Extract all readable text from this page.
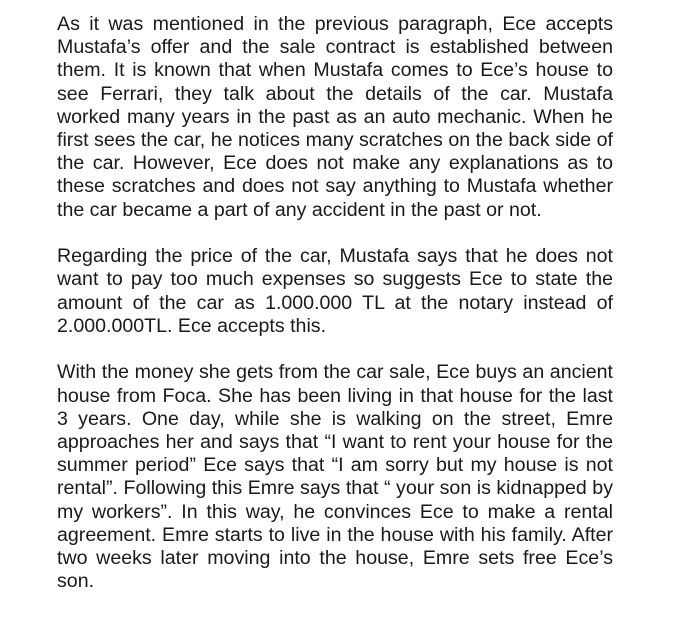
As it was mentioned in the previous paragraph, Ece accepts Mustafa’s offer and the sale contract is established between them. It is known that when Mustafa comes to Ece’s house to see Ferrari, they talk about the details of the car. Mustafa worked many years in the past as an auto mechanic. When he first sees the car, he notices many scratches on the back side of the car. However, Ece does not make any explanations as to these scratches and does not say anything to Mustafa whether the car became a part of any accident in the past or not.

Regarding the price of the car, Mustafa says that he does not want to pay too much expenses so suggests Ece to state the amount of the car as 1.000.000 TL at the notary instead of 2.000.000TL. Ece accepts this.

With the money she gets from the car sale, Ece buys an ancient house from Foca. She has been living in that house for the last 3 years. One day, while she is walking on the street, Emre approaches her and says that “I want to rent your house for the summer period” Ece says that “I am sorry but my house is not rental”. Following this Emre says that “ your son is kidnapped by my workers”. In this way, he convinces Ece to make a rental agreement. Emre starts to live in the house with his family. After two weeks later moving into the house, Emre sets free Ece’s son.
